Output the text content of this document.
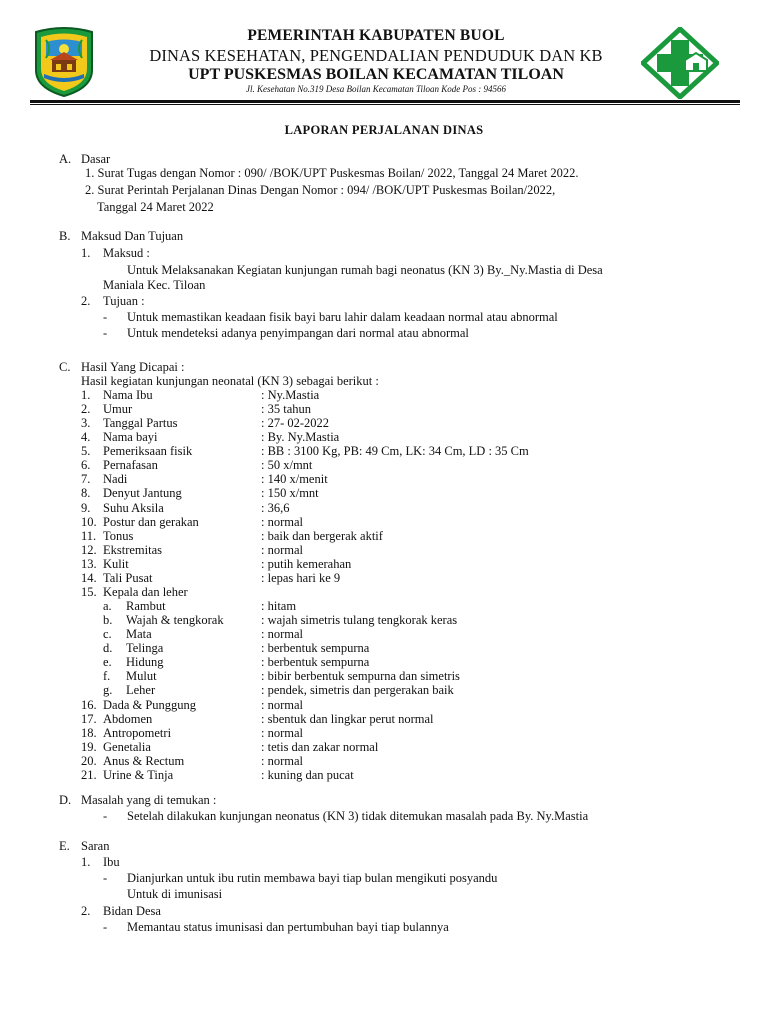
PEMERINTAH KABUPATEN BUOL
DINAS KESEHATAN, PENGENDALIAN PENDUDUK DAN KB
UPT PUSKESMAS BOILAN KECAMATAN TILOAN
Jl. Kesehatan No.319 Desa Boilan Kecamatan Tiloan Kode Pos : 94566
LAPORAN PERJALANAN DINAS
A. Dasar
1. Surat Tugas dengan Nomor : 090/ /BOK/UPT Puskesmas Boilan/ 2022, Tanggal 24 Maret 2022.
2. Surat Perintah Perjalanan Dinas Dengan Nomor : 094/ /BOK/UPT Puskesmas Boilan/2022,
Tanggal 24 Maret 2022
B. Maksud Dan Tujuan
1. Maksud :
Untuk Melaksanakan Kegiatan kunjungan rumah bagi neonatus (KN 3) By._Ny.Mastia di Desa
Maniala Kec. Tiloan
2. Tujuan :
- Untuk memastikan keadaan fisik bayi baru lahir dalam keadaan normal atau abnormal
- Untuk mendeteksi adanya penyimpangan dari normal atau abnormal
C. Hasil Yang Dicapai :
Hasil kegiatan kunjungan neonatal (KN 3) sebagai berikut :
1. Nama Ibu	: Ny.Mastia
2. Umur	: 35 tahun
3. Tanggal Partus	: 27- 02-2022
4. Nama bayi	: By. Ny.Mastia
5. Pemeriksaan fisik	: BB : 3100 Kg, PB: 49 Cm, LK: 34 Cm, LD : 35 Cm
6. Pernafasan	: 50 x/mnt
7. Nadi	: 140 x/menit
8. Denyut Jantung	: 150 x/mnt
9. Suhu Aksila	: 36,6
10. Postur dan gerakan	: normal
11. Tonus	: baik dan bergerak aktif
12. Ekstremitas	: normal
13. Kulit	: putih kemerahan
14. Tali Pusat	: lepas hari ke 9
15. Kepala dan leher
a. Rambut	: hitam
b. Wajah & tengkorak	: wajah simetris tulang tengkorak keras
c. Mata	: normal
d. Telinga	: berbentuk sempurna
e. Hidung	: berbentuk sempurna
f. Mulut	: bibir berbentuk sempurna dan simetris
g. Leher	: pendek, simetris dan pergerakan baik
16. Dada & Punggung	: normal
17. Abdomen	: sbentuk dan lingkar perut normal
18. Antropometri	: normal
19. Genetalia	: tetis dan zakar normal
20. Anus & Rectum	: normal
21. Urine & Tinja	: kuning dan pucat
D. Masalah yang di temukan :
- Setelah dilakukan kunjungan neonatus (KN 3) tidak ditemukan masalah pada By. Ny.Mastia
E. Saran
1. Ibu
- Dianjurkan untuk ibu rutin membawa bayi tiap bulan mengikuti posyandu
Untuk di imunisasi
2. Bidan Desa
- Memantau status imunisasi dan pertumbuhan bayi tiap bulannya
